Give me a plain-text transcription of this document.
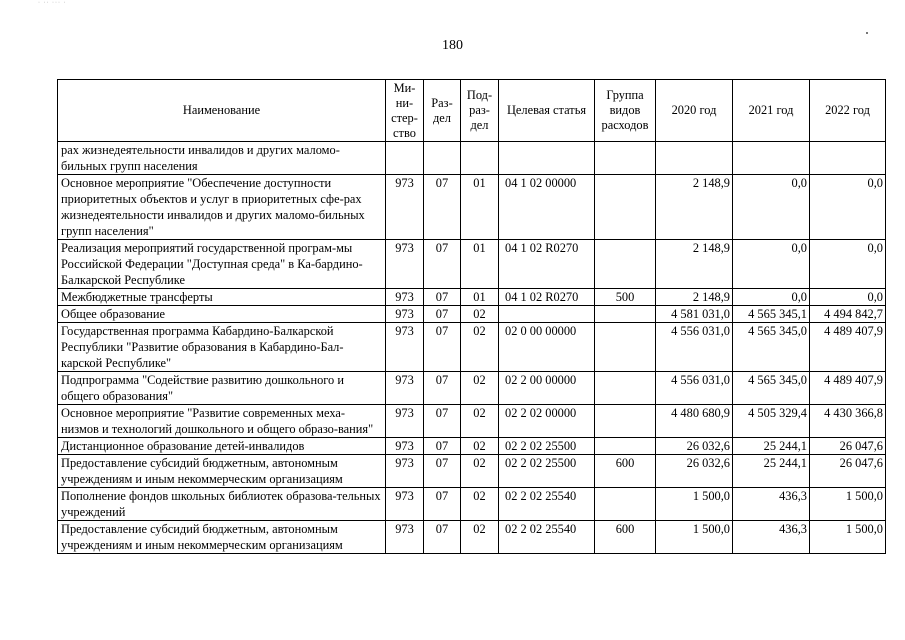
· ·· ··· ·
180
Наименование	Ми-ни-стер-ство	Раз-дел	Под-раз-дел	Целевая статья	Группа видов расходов	2020 год	2021 год	2022 год
рах жизнедеятельности инвалидов и других маломо-бильных групп населения								
Основное мероприятие "Обеспечение доступности приоритетных объектов и услуг в приоритетных сфе-рах жизнедеятельности инвалидов и других маломо-бильных групп населения"	973	07	01	04 1 02 00000		2 148,9	0,0	0,0
Реализация мероприятий государственной програм-мы Российской Федерации "Доступная среда" в Ка-бардино-Балкарской Республике	973	07	01	04 1 02 R0270		2 148,9	0,0	0,0
Межбюджетные трансферты	973	07	01	04 1 02 R0270	500	2 148,9	0,0	0,0
Общее образование	973	07	02			4 581 031,0	4 565 345,1	4 494 842,7
Государственная программа Кабардино-Балкарской Республики "Развитие образования в Кабардино-Бал-карской Республике"	973	07	02	02 0 00 00000		4 556 031,0	4 565 345,0	4 489 407,9
Подпрограмма "Содействие развитию дошкольного и общего образования"	973	07	02	02 2 00 00000		4 556 031,0	4 565 345,0	4 489 407,9
Основное мероприятие "Развитие современных меха-низмов и технологий дошкольного и общего образо-вания"	973	07	02	02 2 02 00000		4 480 680,9	4 505 329,4	4 430 366,8
Дистанционное образование детей-инвалидов	973	07	02	02 2 02 25500		26 032,6	25 244,1	26 047,6
Предоставление субсидий бюджетным, автономным учреждениям и иным некоммерческим организациям	973	07	02	02 2 02 25500	600	26 032,6	25 244,1	26 047,6
Пополнение фондов школьных библиотек образова-тельных учреждений	973	07	02	02 2 02 25540		1 500,0	436,3	1 500,0
Предоставление субсидий бюджетным, автономным учреждениям и иным некоммерческим организациям	973	07	02	02 2 02 25540	600	1 500,0	436,3	1 500,0
